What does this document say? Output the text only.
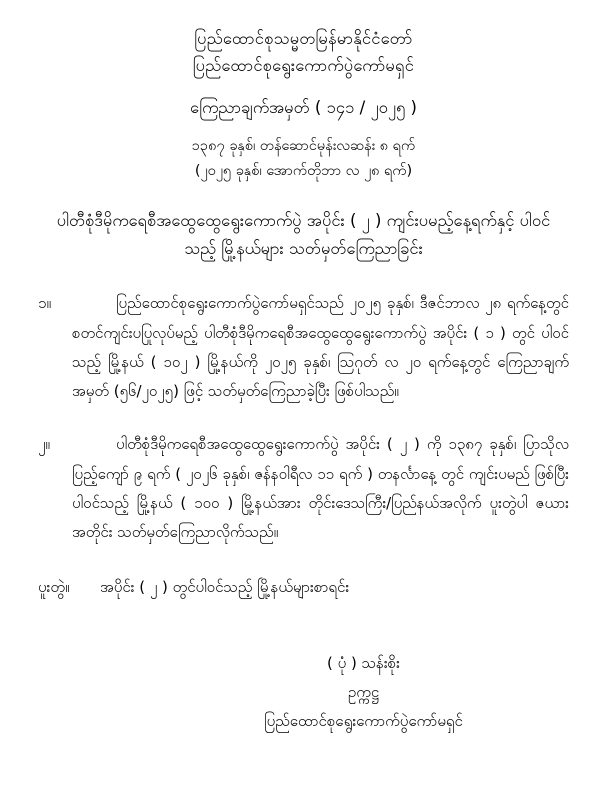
ပြည်ထောင်စုသမ္မတမြန်မာနိုင်ငံတော်
ပြည်ထောင်စုရွေးကောက်ပွဲကော်မရှင်
ကြေညာချက်အမှတ် ( ၁၄၁ / ၂၀၂၅ )
၁၃၈၇ ခုနှစ်၊ တန်ဆောင်မုန်းလဆန်း ၈ ရက်
(၂၀၂၅ ခုနှစ်၊ အောက်တိုဘာ လ ၂၈ ရက်)
ပါတီစုံဒီမိုကရေစီအထွေထွေရွေးကောက်ပွဲ အပိုင်း ( ၂ ) ကျင်းပမည့်နေ့ရက်နှင့် ပါဝင်သည့် မြို့နယ်များ သတ်မှတ်ကြေညာခြင်း
၁။	ပြည်ထောင်စုရွေးကောက်ပွဲကော်မရှင်သည် ၂၀၂၅ ခုနှစ်၊ ဒီဇင်ဘာလ ၂၈ ရက်နေ့တွင် စတင်ကျင်းပပြုလုပ်မည့် ပါတီစုံဒီမိုကရေစီအထွေထွေရွေးကောက်ပွဲ အပိုင်း ( ၁ ) တွင် ပါဝင်သည့် မြို့နယ် ( ၁၀၂ ) မြို့နယ်ကို ၂၀၂၅ ခုနှစ်၊ သြဂုတ် လ ၂၀ ရက်နေ့တွင် ကြေညာချက်အမှတ် (၅၆/၂၀၂၅) ဖြင့် သတ်မှတ်ကြေညာခဲ့ပြီး ဖြစ်ပါသည်။
၂။	ပါတီစုံဒီမိုကရေစီအထွေထွေရွေးကောက်ပွဲ အပိုင်း ( ၂ ) ကို ၁၃၈၇ ခုနှစ်၊ ပြာသိုလပြည့်ကျော် ၉ ရက် ( ၂၀၂၆ ခုနှစ်၊ ဇန်နဝါရီလ ၁၁ ရက် ) တနင်္လာနေ့ တွင် ကျင်းပမည် ဖြစ်ပြီး ပါဝင်သည့် မြို့နယ် ( ၁၀၀ ) မြို့နယ်အား တိုင်းဒေသကြီး/ပြည်နယ်အလိုက် ပူးတွဲပါ ဇယားအတိုင်း သတ်မှတ်ကြေညာလိုက်သည်။
ပူးတွဲ။	အပိုင်း ( ၂ ) တွင်ပါဝင်သည့် မြို့နယ်များစာရင်း
( ပုံ ) သန်းစိုး
ဥက္ကဋ္ဌ
ပြည်ထောင်စုရွေးကောက်ပွဲကော်မရှင်
